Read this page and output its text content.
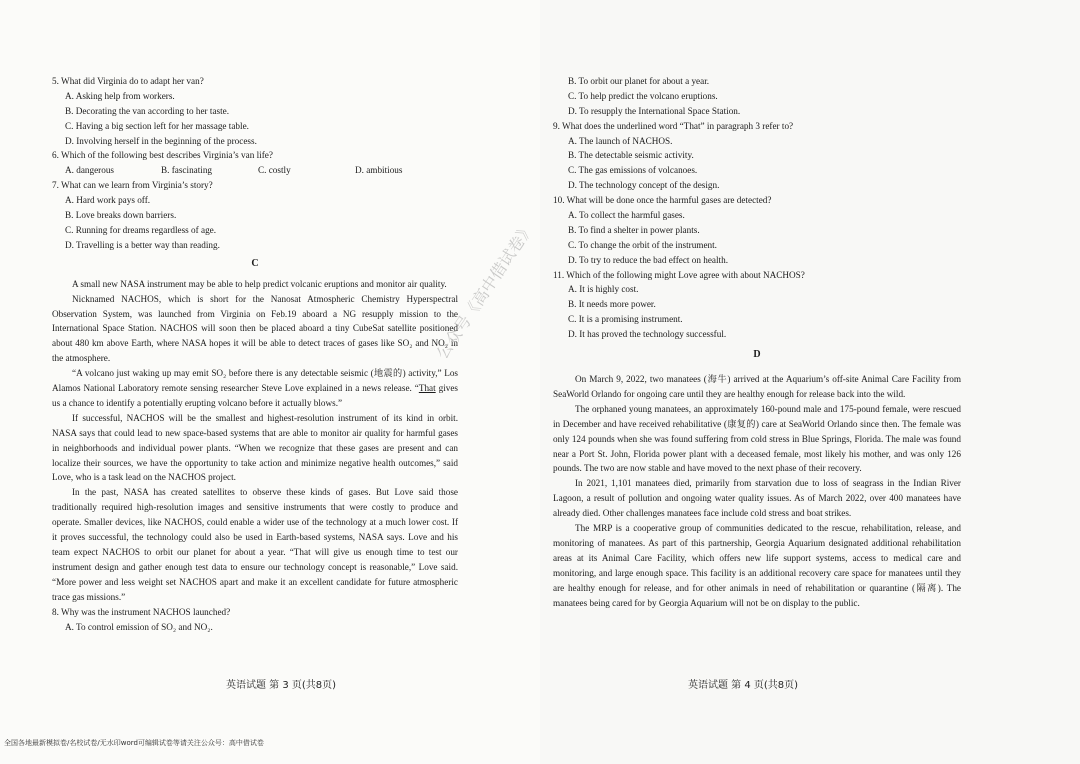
5. What did Virginia do to adapt her van?
A. Asking help from workers.
B. Decorating the van according to her taste.
C. Having a big section left for her massage table.
D. Involving herself in the beginning of the process.
6. Which of the following best describes Virginia’s van life?
A. dangerous	B. fascinating	C. costly	D. ambitious
7. What can we learn from Virginia’s story?
A. Hard work pays off.
B. Love breaks down barriers.
C. Running for dreams regardless of age.
D. Travelling is a better way than reading.
C

A small new NASA instrument may be able to help predict volcanic eruptions and monitor air quality.

Nicknamed NACHOS, which is short for the Nanosat Atmospheric Chemistry Hyperspectral Observation System, was launched from Virginia on Feb.19 aboard a NG resupply mission to the International Space Station. NACHOS will soon then be placed aboard a tiny CubeSat satellite positioned about 480 km above Earth, where NASA hopes it will be able to detect traces of gases like SO₂ and NO₂ in the atmosphere.

“A volcano just waking up may emit SO₂ before there is any detectable seismic (地震的) activity,” Los Alamos National Laboratory remote sensing researcher Steve Love explained in a news release. “That gives us a chance to identify a potentially erupting volcano before it actually blows.”

If successful, NACHOS will be the smallest and highest-resolution instrument of its kind in orbit. NASA says that could lead to new space-based systems that are able to monitor air quality for harmful gases in neighborhoods and individual power plants. “When we recognize that these gases are present and can localize their sources, we have the opportunity to take action and minimize negative health outcomes,” said Love, who is a task lead on the NACHOS project.

In the past, NASA has created satellites to observe these kinds of gases. But Love said those traditionally required high-resolution images and sensitive instruments that were costly to produce and operate. Smaller devices, like NACHOS, could enable a wider use of the technology at a much lower cost. If it proves successful, the technology could also be used in Earth-based systems, NASA says. Love and his team expect NACHOS to orbit our planet for about a year. “That will give us enough time to test our instrument design and gather enough test data to ensure our technology concept is reasonable,” Love said. “More power and less weight set NACHOS apart and make it an excellent candidate for future atmospheric trace gas missions.”

8. Why was the instrument NACHOS launched?
A. To control emission of SO₂ and NO₂.
B. To orbit our planet for about a year.
C. To help predict the volcano eruptions.
D. To resupply the International Space Station.
9. What does the underlined word “That” in paragraph 3 refer to?
A. The launch of NACHOS.
B. The detectable seismic activity.
C. The gas emissions of volcanoes.
D. The technology concept of the design.
10. What will be done once the harmful gases are detected?
A. To collect the harmful gases.
B. To find a shelter in power plants.
C. To change the orbit of the instrument.
D. To try to reduce the bad effect on health.
11. Which of the following might Love agree with about NACHOS?
A. It is highly cost.
B. It needs more power.
C. It is a promising instrument.
D. It has proved the technology successful.
D

On March 9, 2022, two manatees (海牛) arrived at the Aquarium’s off-site Animal Care Facility from SeaWorld Orlando for ongoing care until they are healthy enough for release back into the wild.

The orphaned young manatees, an approximately 160-pound male and 175-pound female, were rescued in December and have received rehabilitative (康复的) care at SeaWorld Orlando since then. The female was only 124 pounds when she was found suffering from cold stress in Blue Springs, Florida. The male was found near a Port St. John, Florida power plant with a deceased female, most likely his mother, and was only 126 pounds. The two are now stable and have moved to the next phase of their recovery.

In 2021, 1,101 manatees died, primarily from starvation due to loss of seagrass in the Indian River Lagoon, a result of pollution and ongoing water quality issues. As of March 2022, over 400 manatees have already died. Other challenges manatees face include cold stress and boat strikes.

The MRP is a cooperative group of communities dedicated to the rescue, rehabilitation, release, and monitoring of manatees. As part of this partnership, Georgia Aquarium designated additional rehabilitation areas at its Animal Care Facility, which offers new life support systems, access to medical care and monitoring, and large enough space. This facility is an additional recovery care space for manatees until they are healthy enough for release, and for other animals in need of rehabilitation or quarantine (隔离). The manatees being cared for by Georgia Aquarium will not be on display to the public.

公众号《高中借试卷》
英语试题 第 3 页(共8页)	英语试题 第 4 页(共8页)
全国各地最新模拟卷/名校试卷/无水印word可编辑试卷等请关注公众号：高中借试卷
